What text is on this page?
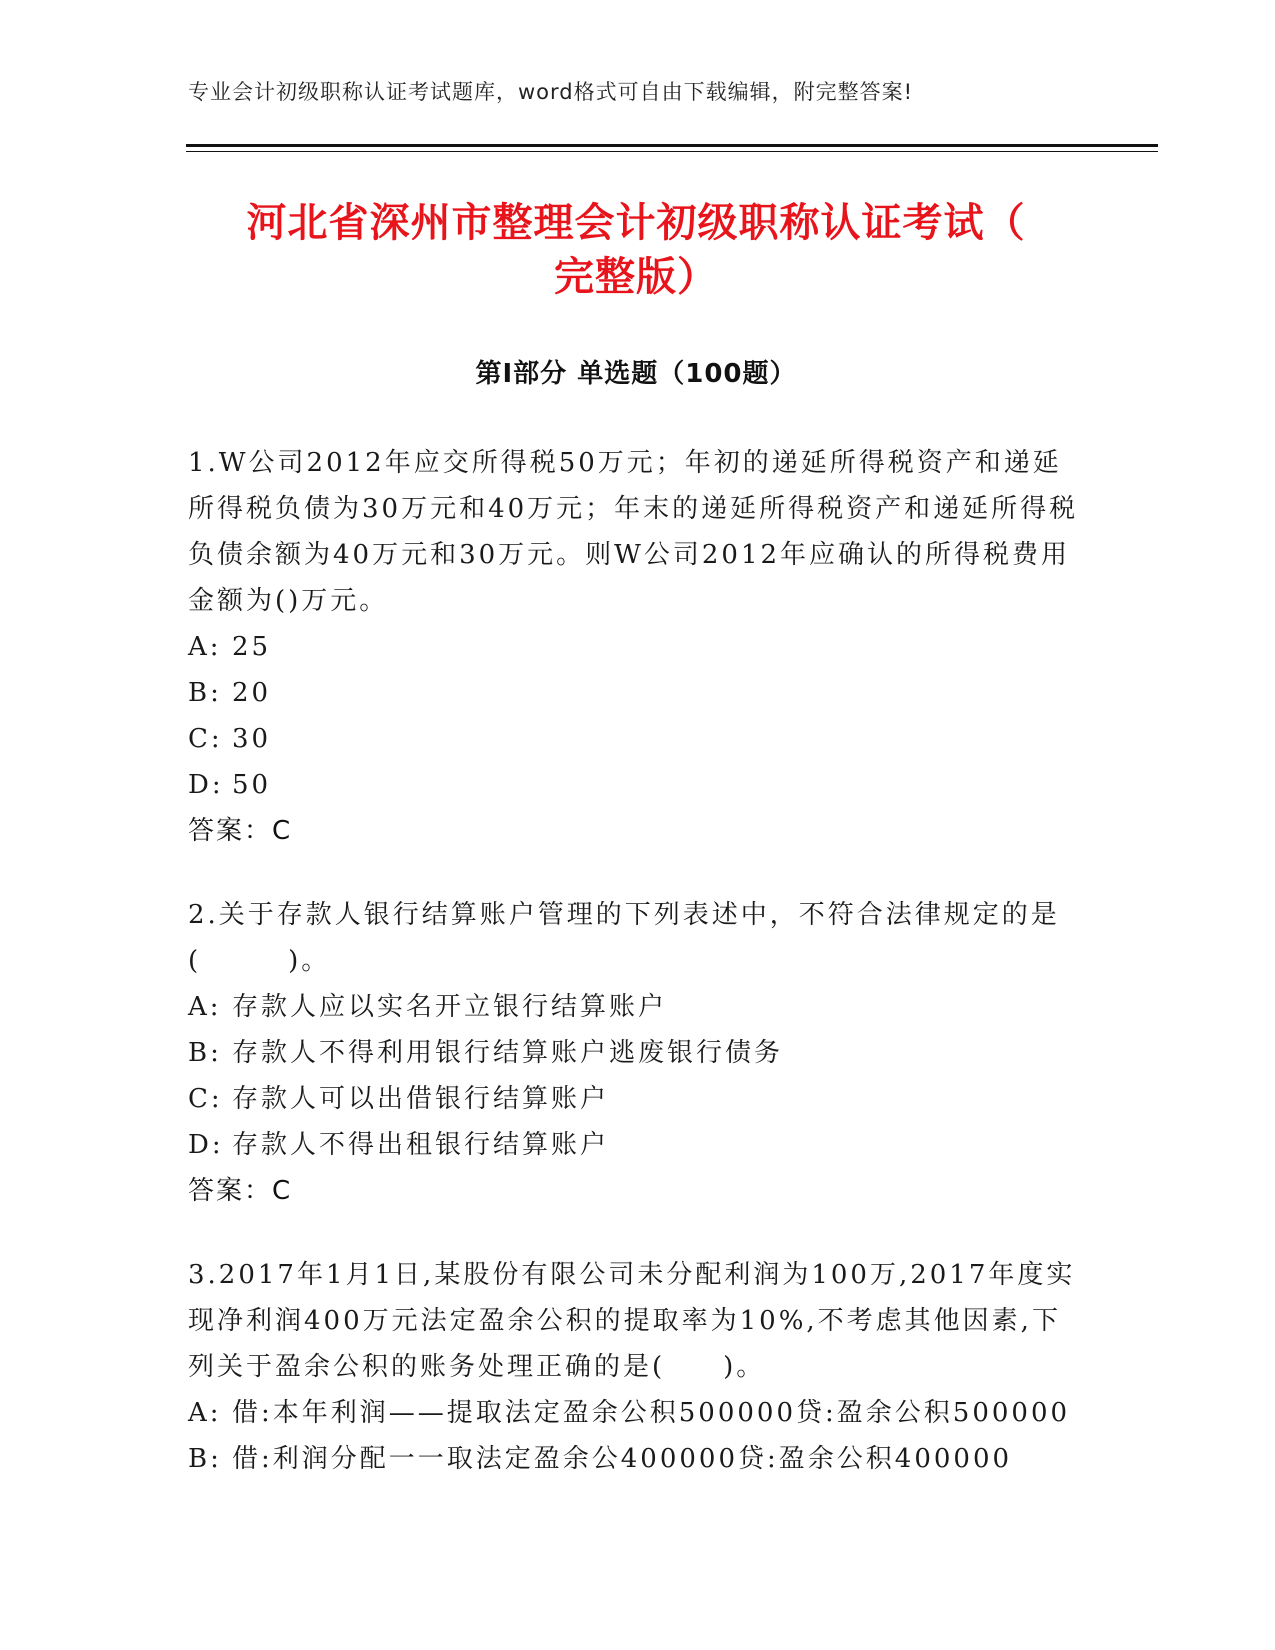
专业会计初级职称认证考试题库，word格式可自由下载编辑，附完整答案!
河北省深州市整理会计初级职称认证考试（
完整版）
第I部分 单选题（100题）

1.W公司2012年应交所得税50万元；年初的递延所得税资产和递延所得税负债为30万元和40万元；年末的递延所得税资产和递延所得税负债余额为40万元和30万元。则W公司2012年应确认的所得税费用金额为()万元。

A: 25
B: 20
C: 30
D: 50
答案：C

2.关于存款人银行结算账户管理的下列表述中，不符合法律规定的是(　　　)。

A: 存款人应以实名开立银行结算账户
B: 存款人不得利用银行结算账户逃废银行债务
C: 存款人可以出借银行结算账户
D: 存款人不得出租银行结算账户
答案：C

3.2017年1月1日,某股份有限公司未分配利润为100万,2017年度实现净利润400万元法定盈余公积的提取率为10%,不考虑其他因素,下列关于盈余公积的账务处理正确的是(　　)。

A: 借:本年利润——提取法定盈余公积500000贷:盈余公积500000
B: 借:利润分配一一取法定盈余公400000贷:盈余公积400000
